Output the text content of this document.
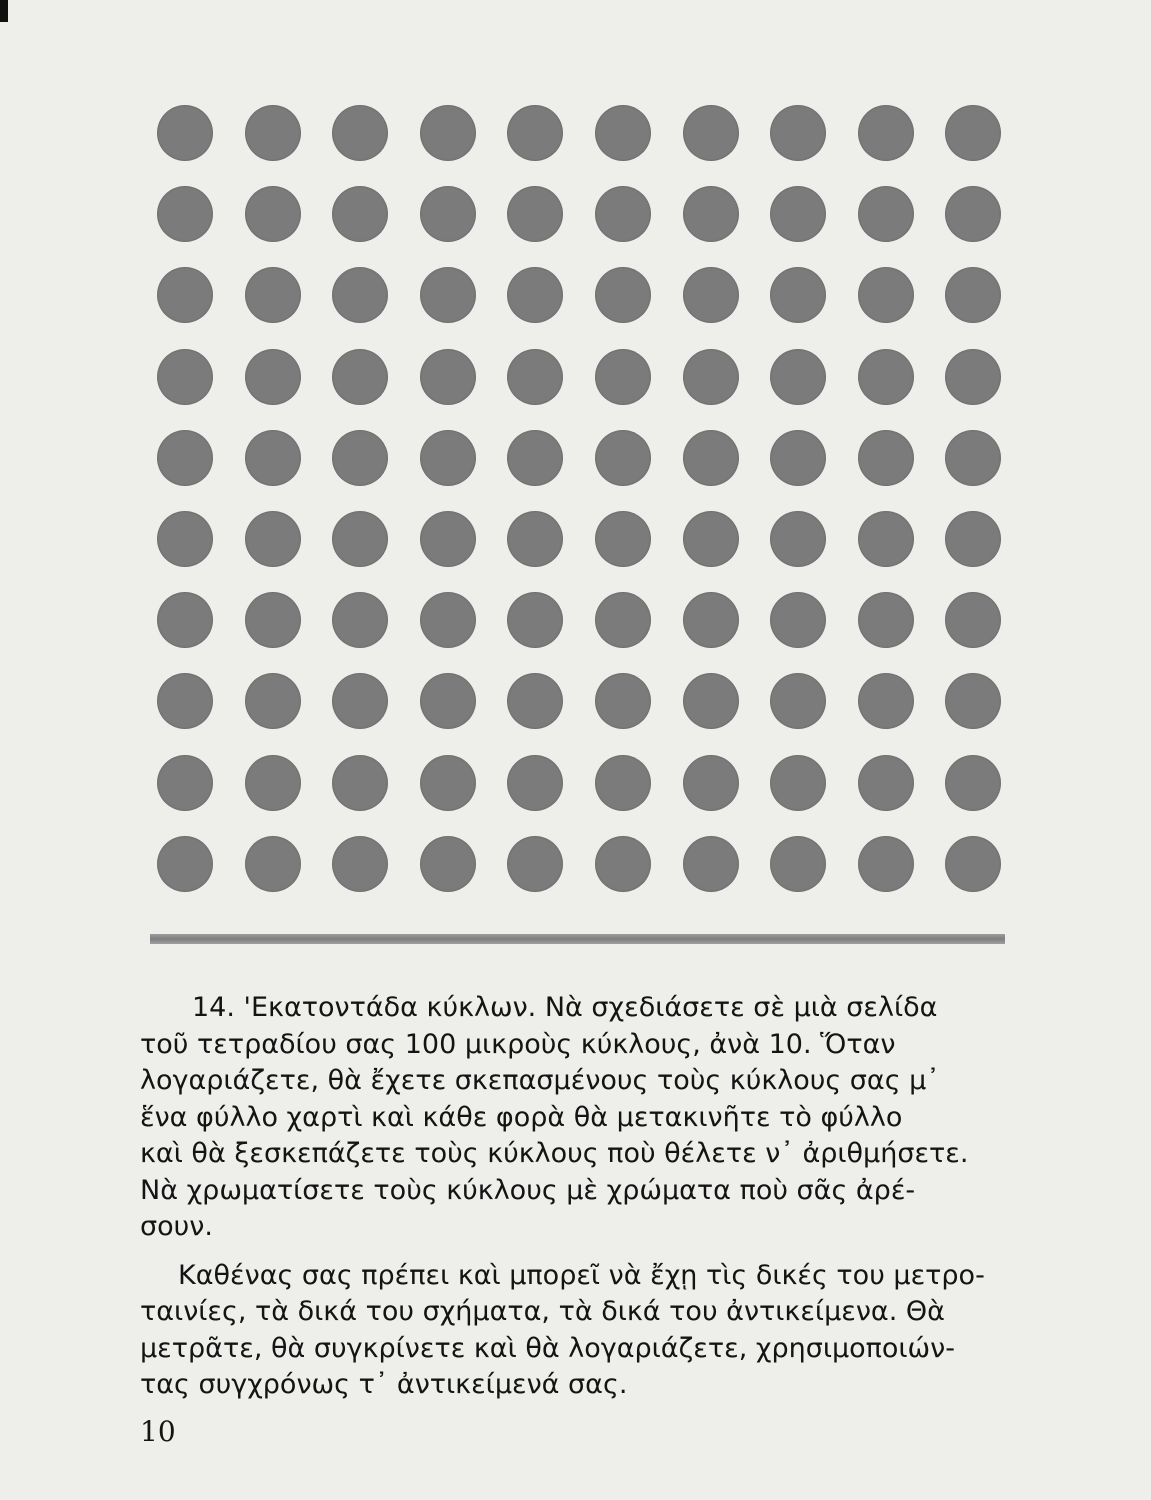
14.
'Εκατοντάδα κύκλων. Νὰ σχεδιάσετε σὲ μιὰ σελίδα
τοῦ τετραδίου σας 100 μικροὺς κύκλους, ἀνὰ 10. Ὅταν
λογαριάζετε, θὰ ἔχετε σκεπασμένους τοὺς κύκλους σας μ᾽
ἕνα φύλλο χαρτὶ καὶ κάθε φορὰ θὰ μετακινῆτε τὸ φύλλο
καὶ θὰ ξεσκεπάζετε τοὺς κύκλους ποὺ θέλετε ν᾽ ἀριθμήσετε.
Νὰ χρωματίσετε τοὺς κύκλους μὲ χρώματα ποὺ σᾶς ἀρέ-
σουν.
Καθένας σας πρέπει καὶ μπορεῖ νὰ ἔχῃ τὶς δικές του μετρο-
ταινίες, τὰ δικά του σχήματα, τὰ δικά του ἀντικείμενα. Θὰ
μετρᾶτε, θὰ συγκρίνετε καὶ θὰ λογαριάζετε, χρησιμοποιών-
τας συγχρόνως τ᾽ ἀντικείμενά σας.
10
